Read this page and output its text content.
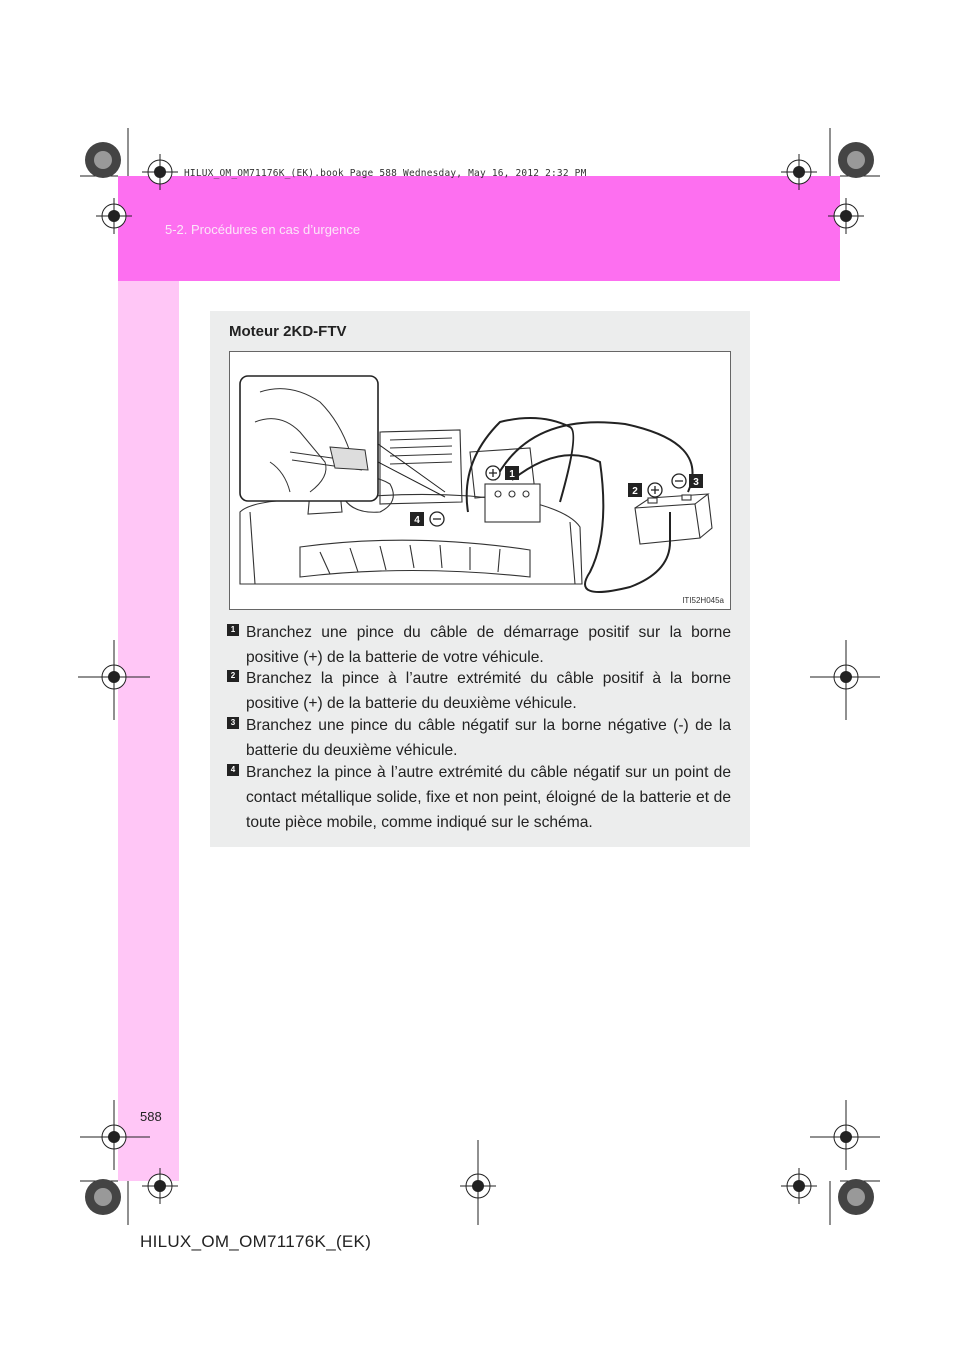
HILUX_OM_OM71176K_(EK).book Page 588 Wednesday, May 16, 2012 2:32 PM
5-2. Procédures en cas d’urgence
Moteur 2KD-FTV
1
2
3
4
ITI52H045a
1 Branchez une pince du câble de démarrage positif sur la borne positive (+) de la batterie de votre véhicule.
2 Branchez la pince à l’autre extrémité du câble positif à la borne positive (+) de la batterie du deuxième véhicule.
3 Branchez une pince du câble négatif sur la borne négative (-) de la batterie du deuxième véhicule.
4 Branchez la pince à l’autre extrémité du câble négatif sur un point de contact métallique solide, fixe et non peint, éloigné de la batterie et de toute pièce mobile, comme indiqué sur le schéma.
588
HILUX_OM_OM71176K_(EK)
